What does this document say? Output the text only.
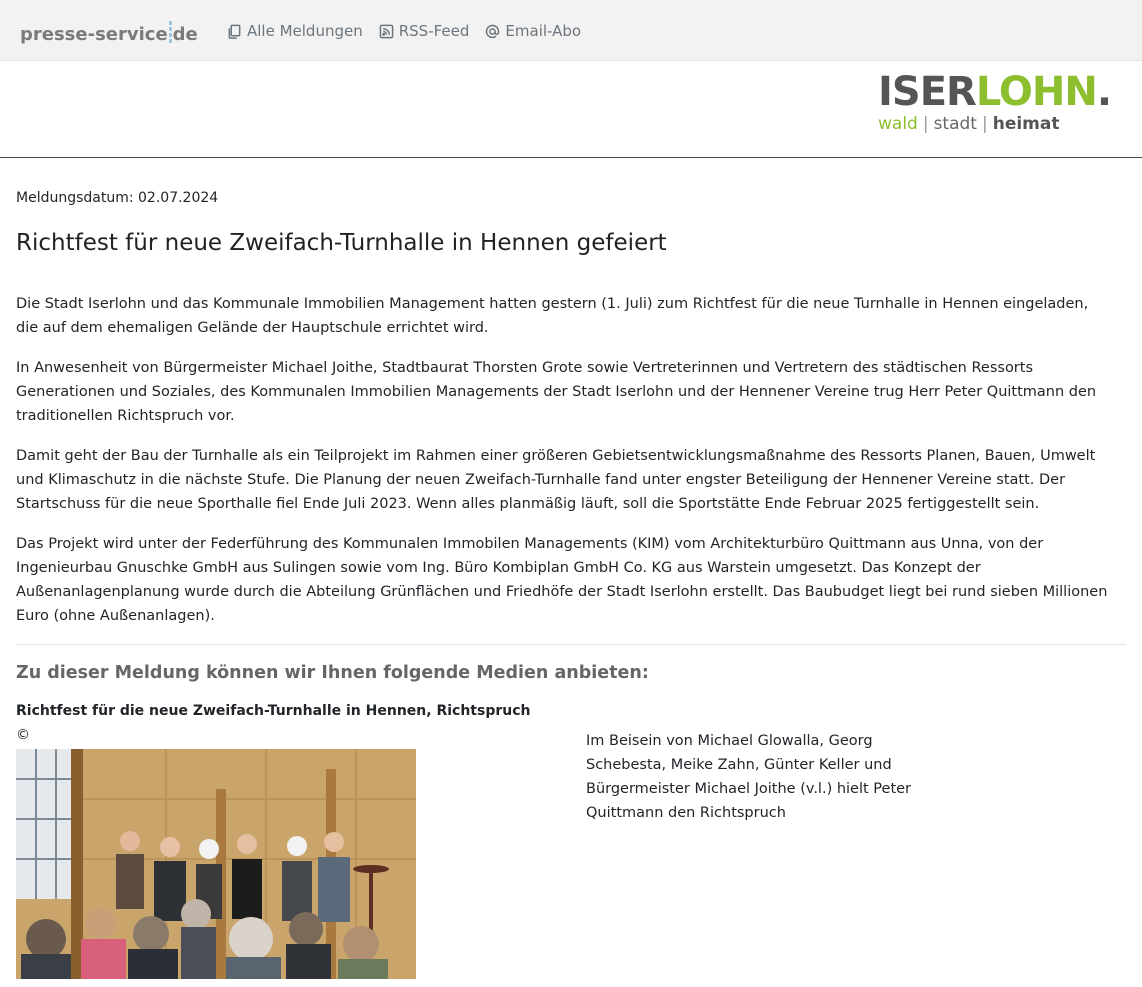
presse-service de	Alle Meldungen RSS-Feed Email-Abo
ISERLOHN.
wald | stadt | heimat

Meldungsdatum: 02.07.2024

Richtfest für neue Zweifach-Turnhalle in Hennen gefeiert

Die Stadt Iserlohn und das Kommunale Immobilien Management hatten gestern (1. Juli) zum Richtfest für die neue Turnhalle in Hennen eingeladen, die auf dem ehemaligen Gelände der Hauptschule errichtet wird.

In Anwesenheit von Bürgermeister Michael Joithe, Stadtbaurat Thorsten Grote sowie Vertreterinnen und Vertretern des städtischen Ressorts Generationen und Soziales, des Kommunalen Immobilien Managements der Stadt Iserlohn und der Hennener Vereine trug Herr Peter Quittmann den traditionellen Richtspruch vor.

Damit geht der Bau der Turnhalle als ein Teilprojekt im Rahmen einer größeren Gebietsentwicklungsmaßnahme des Ressorts Planen, Bauen, Umwelt und Klimaschutz in die nächste Stufe. Die Planung der neuen Zweifach-Turnhalle fand unter engster Beteiligung der Hennener Vereine statt. Der Startschuss für die neue Sporthalle fiel Ende Juli 2023. Wenn alles planmäßig läuft, soll die Sportstätte Ende Februar 2025 fertiggestellt sein.

Das Projekt wird unter der Federführung des Kommunalen Immobilen Managements (KIM) vom Architekturbüro Quittmann aus Unna, von der Ingenieurbau Gnuschke GmbH aus Sulingen sowie vom Ing. Büro Kombiplan GmbH Co. KG aus Warstein umgesetzt. Das Konzept der Außenanlagenplanung wurde durch die Abteilung Grünflächen und Friedhöfe der Stadt Iserlohn erstellt. Das Baubudget liegt bei rund sieben Millionen Euro (ohne Außenanlagen).

Zu dieser Meldung können wir Ihnen folgende Medien anbieten:
Richtfest für die neue Zweifach-Turnhalle in Hennen, Richtspruch
©	Im Beisein von Michael Glowalla, Georg Schebesta, Meike Zahn, Günter Keller und Bürgermeister Michael Joithe (v.l.) hielt Peter Quittmann den Richtspruch
